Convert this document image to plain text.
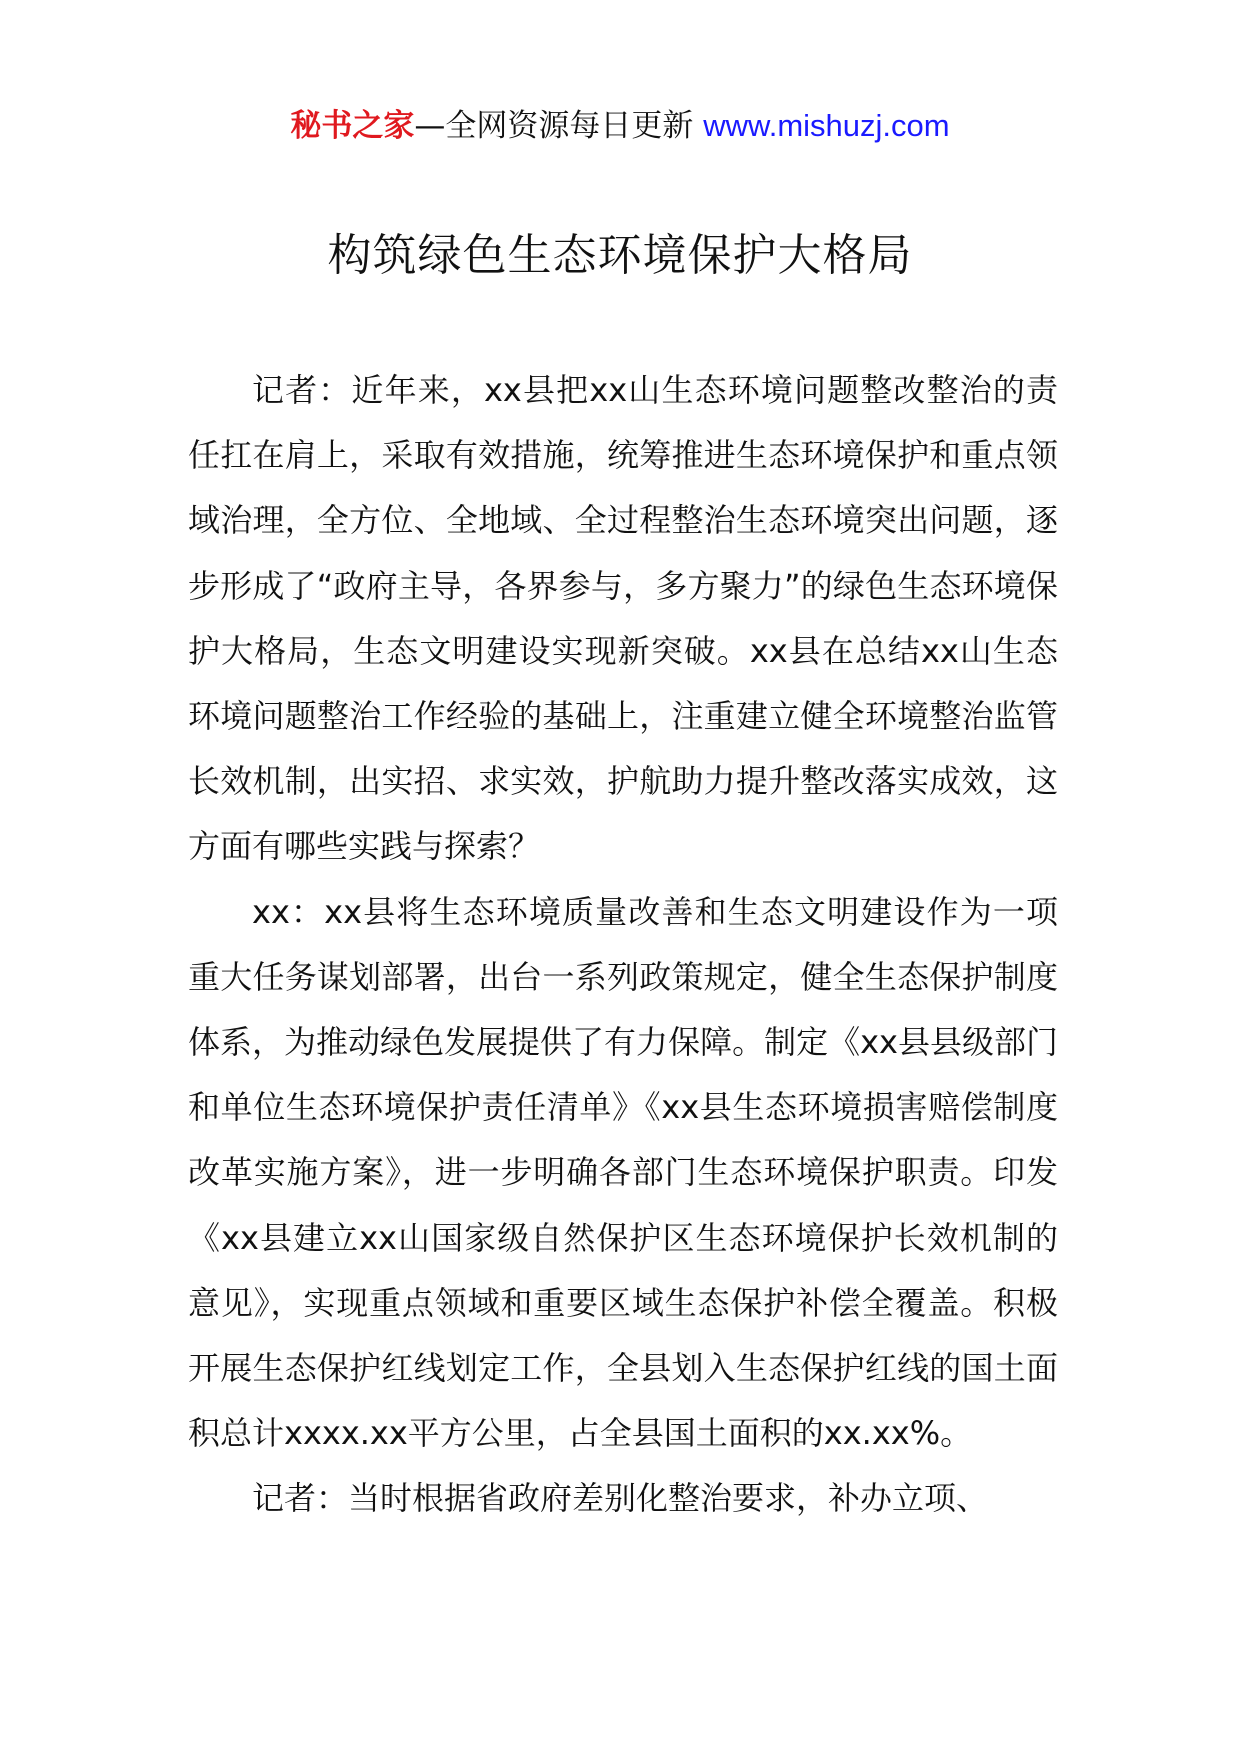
秘书之家—全网资源每日更新 www.mishuzj.com
构筑绿色生态环境保护大格局

记者：近年来，xx县把xx山生态环境问题整改整治的责任扛在肩上，采取有效措施，统筹推进生态环境保护和重点领域治理，全方位、全地域、全过程整治生态环境突出问题，逐步形成了“政府主导，各界参与，多方聚力”的绿色生态环境保护大格局，生态文明建设实现新突破。xx县在总结xx山生态环境问题整治工作经验的基础上，注重建立健全环境整治监管长效机制，出实招、求实效，护航助力提升整改落实成效，这方面有哪些实践与探索？

xx：xx县将生态环境质量改善和生态文明建设作为一项重大任务谋划部署，出台一系列政策规定，健全生态保护制度体系，为推动绿色发展提供了有力保障。制定《xx县县级部门和单位生态环境保护责任清单》《xx县生态环境损害赔偿制度改革实施方案》，进一步明确各部门生态环境保护职责。印发《xx县建立xx山国家级自然保护区生态环境保护长效机制的意见》，实现重点领域和重要区域生态保护补偿全覆盖。积极开展生态保护红线划定工作，全县划入生态保护红线的国土面积总计xxxx.xx平方公里，占全县国土面积的xx.xx%。

记者：当时根据省政府差别化整治要求，补办立项、
